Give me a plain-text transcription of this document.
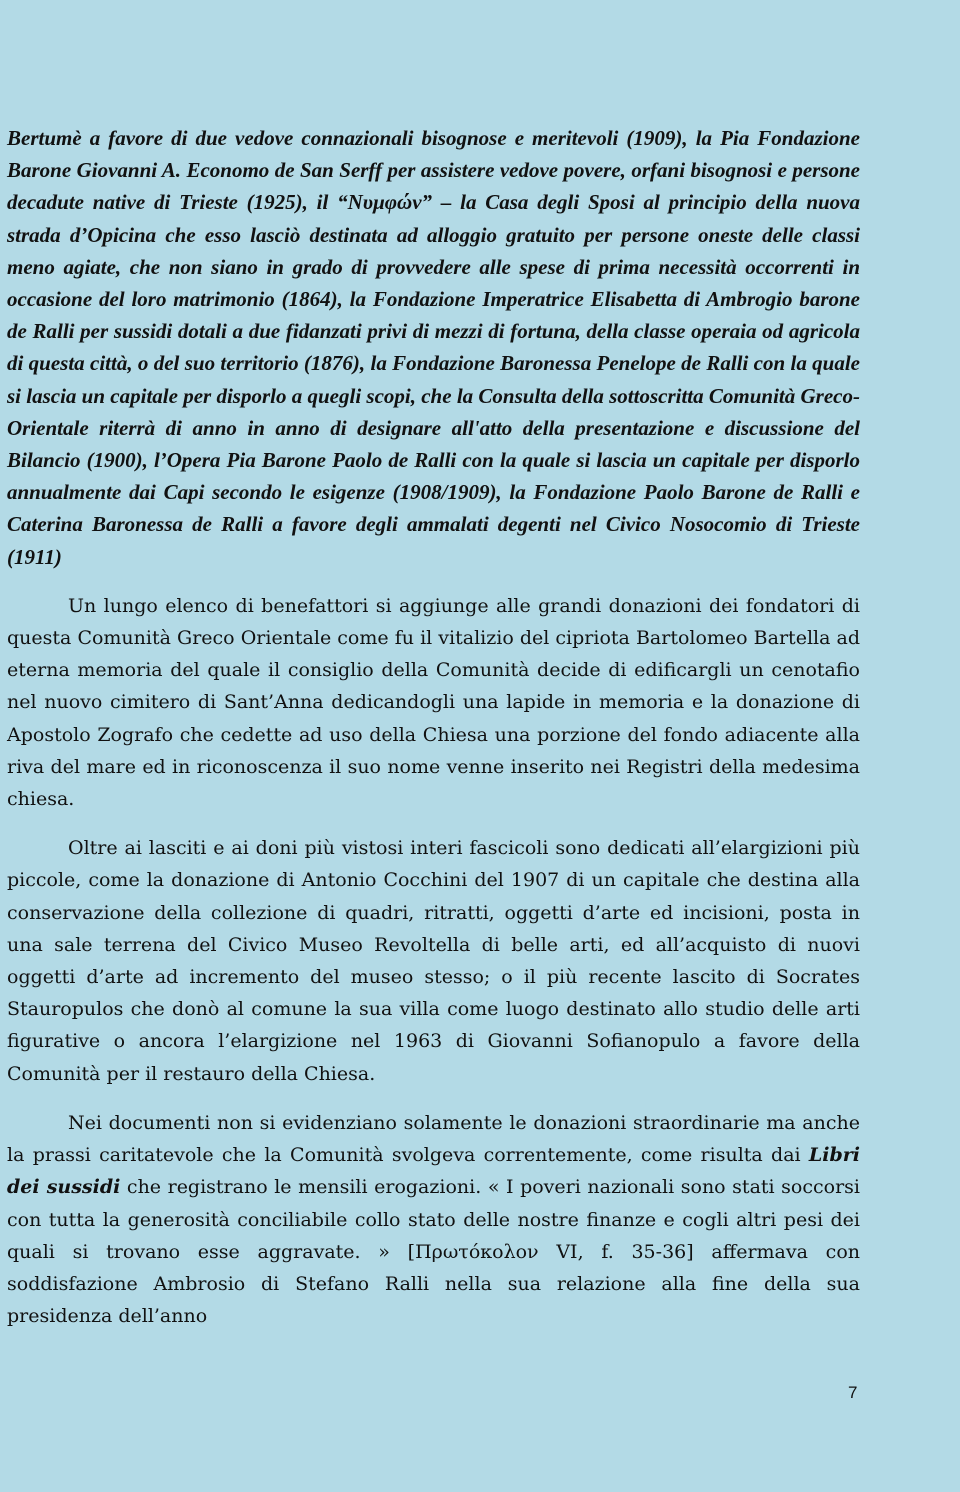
Bertumè a favore di due vedove connazionali bisognose e meritevoli (1909), la Pia Fondazione Barone Giovanni A. Economo de San Serff per assistere vedove povere, orfani bisognosi e persone decadute native di Trieste (1925), il “Νυμφών” – la Casa degli Sposi al principio della nuova strada d’Opicina che esso lasciò destinata ad alloggio gratuito per persone oneste delle classi meno agiate, che non siano in grado di provvedere alle spese di prima necessità occorrenti in occasione del loro matrimonio (1864), la Fondazione Imperatrice Elisabetta di Ambrogio barone de Ralli per sussidi dotali a due fidanzati privi di mezzi di fortuna, della classe operaia od agricola di questa città, o del suo territorio (1876), la Fondazione Baronessa Penelope de Ralli con la quale si lascia un capitale per disporlo a quegli scopi, che la Consulta della sottoscritta Comunità Greco-Orientale riterrà di anno in anno di designare all'atto della presentazione e discussione del Bilancio (1900), l’Opera Pia Barone Paolo de Ralli con la quale si lascia un capitale per disporlo annualmente dai Capi secondo le esigenze (1908/1909), la Fondazione Paolo Barone de Ralli e Caterina Baronessa de Ralli a favore degli ammalati degenti nel Civico Nosocomio di Trieste (1911)

Un lungo elenco di benefattori si aggiunge alle grandi donazioni dei fondatori di questa Comunità Greco Orientale come fu il vitalizio del cipriota Bartolomeo Bartella ad eterna memoria del quale il consiglio della Comunità decide di edificargli un cenotafio nel nuovo cimitero di Sant’Anna dedicandogli una lapide in memoria e la donazione di Apostolo Zografo che cedette ad uso della Chiesa una porzione del fondo adiacente alla riva del mare ed in riconoscenza il suo nome venne inserito nei Registri della medesima chiesa.

Oltre ai lasciti e ai doni più vistosi interi fascicoli sono dedicati all’elargizioni più piccole, come la donazione di Antonio Cocchini del 1907 di un capitale che destina alla conservazione della collezione di quadri, ritratti, oggetti d’arte ed incisioni, posta in una sale terrena del Civico Museo Revoltella di belle arti, ed all’acquisto di nuovi oggetti d’arte ad incremento del museo stesso; o il più recente lascito di Socrates Stauropulos che donò al comune la sua villa come luogo destinato allo studio delle arti figurative o ancora l’elargizione nel 1963 di Giovanni Sofianopulo a favore della Comunità per il restauro della Chiesa.

Nei documenti non si evidenziano solamente le donazioni straordinarie ma anche la prassi caritatevole che la Comunità svolgeva correntemente, come risulta dai Libri dei sussidi che registrano le mensili erogazioni. « I poveri nazionali sono stati soccorsi con tutta la generosità conciliabile collo stato delle nostre finanze e cogli altri pesi dei quali si trovano esse aggravate. » [Πρωτόκολον VI, f. 35-36] affermava con soddisfazione Ambrosio di Stefano Ralli nella sua relazione alla fine della sua presidenza dell’anno

7
